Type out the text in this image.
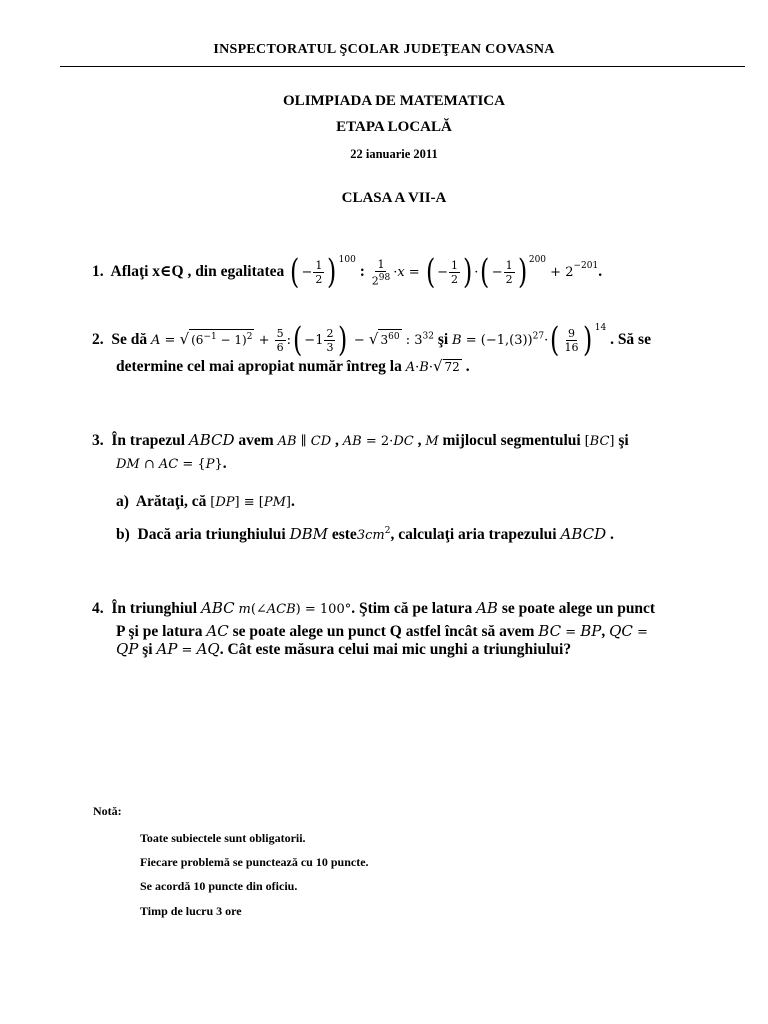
INSPECTORATUL ŞCOLAR JUDEŢEAN COVASNA
OLIMPIADA DE MATEMATICA
ETAPA LOCALĂ
22 ianuarie 2011
CLASA A VII-A
1. Aflaţi x∈Q , din egalitatea ( − $\frac{1}{2}$ ) $^{100}$ : $\frac{1}{2^{98}} \cdot x$ = ( − $\frac{1}{2}$ ) ·( − $\frac{1}{2}$ ) $^{200} + 2^{-201}$.
2. Se dă A = √ $(6^{-1} - 1)^2 + \frac{5}{6}$ :( $-1 \frac{2}{3}$ ) − √ $3^{60}$ : $3^{32}$ şi $B = (-1,(3))^{27}\cdot( \frac{9}{16}$ ) $^{14}$ . Să se
determine cel mai apropiat număr întreg la A·B·√ 72 .
3. În trapezul ABCD avem AB ∥ CD , AB = 2·DC , M mijlocul segmentului [BC] şi
DM ∩ AC = {P}.
a) Arătaţi, că [DP] ≡ [PM].
b) Dacă aria triunghiului DBM $este3cm^2$, calculaţi aria trapezului ABCD .
4. În triunghiul ABC m(∠ACB) = 100°. Ştim că pe latura AB se poate alege un punct
P şi pe latura AC se poate alege un punct Q astfel încât să avem BC = BP, QC =
QP şi AP = AQ. Cât este măsura celui mai mic unghi a triunghiului?
Notă:
Toate subiectele sunt obligatorii.
Fiecare problemă se punctează cu 10 puncte.
Se acordă 10 puncte din oficiu.
Timp de lucru 3 ore
